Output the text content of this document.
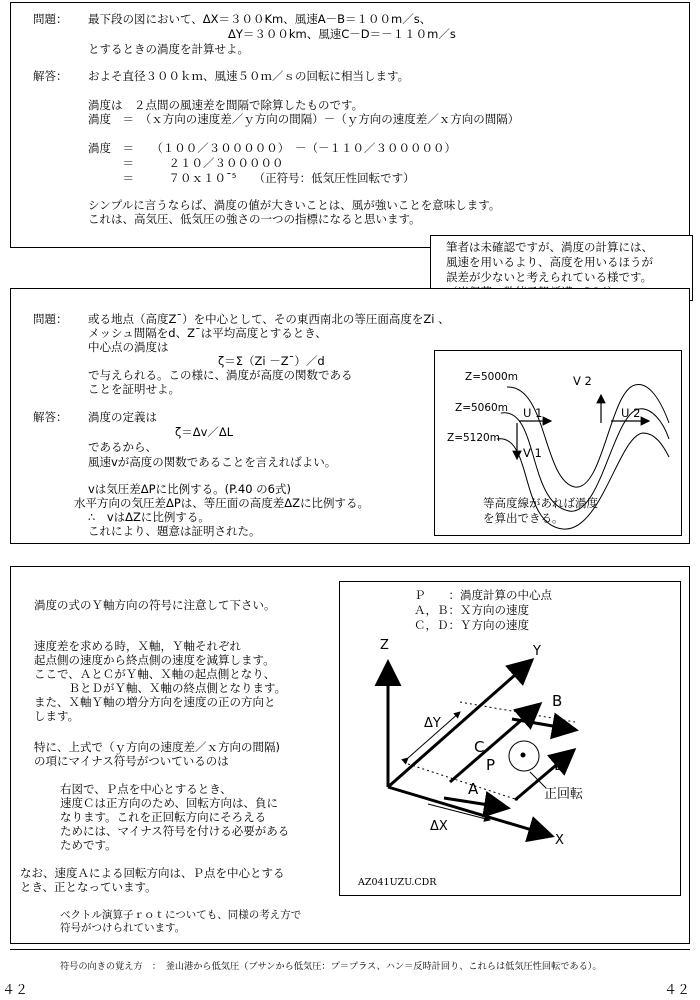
問題： 最下段の図において、ΔX＝３００Km、風速A－B＝１００m／s、
ΔY＝３００km、風速C－D＝－１１０m／s
とするときの渦度を計算せよ。
解答： およそ直径３００ｋｍ、風速５０ｍ／ｓの回転に相当します。
渦度は　２点間の風速差を間隔で除算したものです。
渦度　＝　（ｘ方向の速度差／ｙ方向の間隔）－（ｙ方向の速度差／ｘ方向の間隔）
渦度　＝　　（１００／３０００００）　－（－１１０／３０００００）
　　　＝　　　２１０／３０００００
　　　＝　　　７０ｘ１０¯⁵　　（正符号：低気圧性回転です）
シンプルに言うならば、渦度の値が大きいことは、風が強いことを意味します。
これは、高気圧、低気圧の強さの一つの指標になると思います。
筆者は未確認ですが、渦度の計算には、
風速を用いるより、高度を用いるほうが
誤差が少ないと考えられている様です。
問題： 或る地点（高度Z¯）を中心として、その東西南北の等圧面高度をZi 、
メッシュ間隔をd、Z¯は平均高度とするとき、
中心点の渦度は
ζ＝Σ（Zi －Z¯）／d
で与えられる。この様に、渦度が高度の関数である
ことを証明せよ。
解答： 渦度の定義は
ζ＝Δv／ΔL
であるから、
風速vが高度の関数であることを言えればよい。
vは気圧差ΔPに比例する。(P.40 の6式)
水平方向の気圧差ΔPは、等圧面の高度差ΔZに比例する。
∴　vはΔZに比例する。
これにより、題意は証明された。
Z=5000m
Z=5060m
Z=5120m
V 2
U 1	U 2
V 1
等高度線があれば渦度
を算出できる。
渦度の式のＹ軸方向の符号に注意して下さい。
速度差を求める時，Ｘ軸，Ｙ軸それぞれ
起点側の速度から終点側の速度を減算します。
ここで、ＡとＣがＹ軸、Ｘ軸の起点側となり、
　　　ＢとＤがＹ軸、Ｘ軸の終点側となります。
また、Ｘ軸Ｙ軸の増分方向を速度の正の方向と
します。
特に、上式で（ｙ方向の速度差／ｘ方向の間隔)
の項にマイナス符号がついているのは
右図で、Ｐ点を中心とするとき、
速度Ｃは正方向のため、回転方向は、負に
なります。これを正回転方向にそろえる
ためには、マイナス符号を付ける必要がある
ためです。
なお、速度Ａによる回転方向は、Ｐ点を中心とする
とき、正となっています。
ベクトル演算子ｒｏｔについても、同様の考え方で
符号がつけられています。
Ｐ　　：渦度計算の中心点
Ａ，Ｂ：Ｘ方向の速度
Ｃ，Ｄ：Ｙ方向の速度
Z	Y
X
B
C
P	D
A
ΔY
ΔX
正回転
AZ041UZU.CDR
符号の向きの覚え方　：　釜山港から低気圧（ブサンから低気圧：プ＝プラス、ハン＝反時計回り、これらは低気圧性回転である）。
４２	４２
